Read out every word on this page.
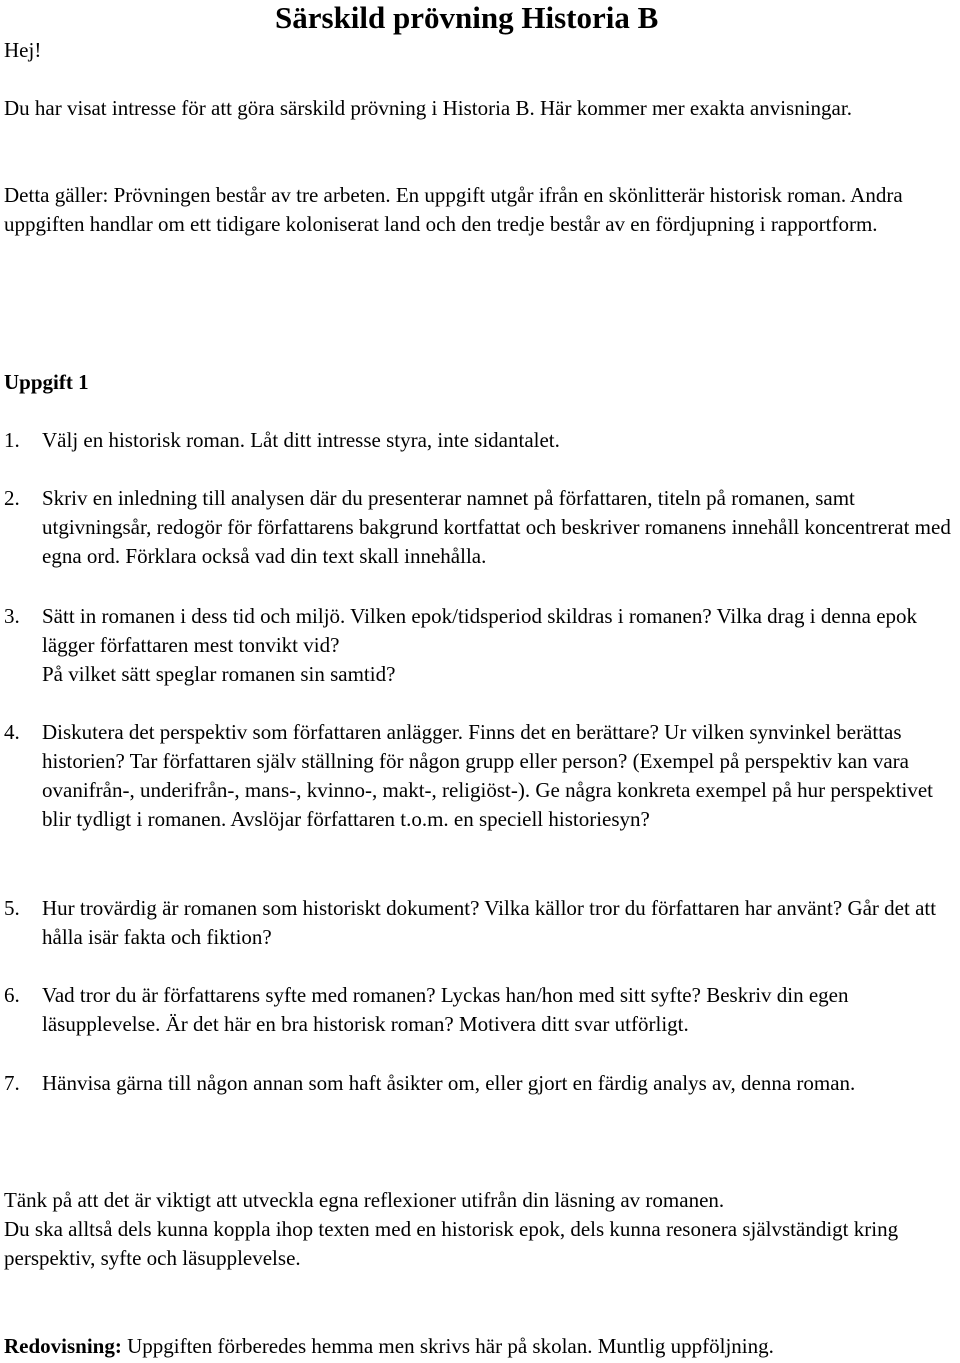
Särskild prövning Historia B
Hej!

Du har visat intresse för att göra särskild prövning i Historia B. Här kommer mer exakta anvisningar.

Detta gäller: Prövningen består av tre arbeten. En uppgift utgår ifrån en skönlitterär historisk roman. Andra uppgiften handlar om ett tidigare koloniserat land och den tredje består av en fördjupning i rapportform.

Uppgift 1
1.	Välj en historisk roman. Låt ditt intresse styra, inte sidantalet.
2.	Skriv en inledning till analysen där du presenterar namnet på författaren, titeln på romanen, samt utgivningsår, redogör för författarens bakgrund kortfattat och beskriver romanens innehåll koncentrerat med egna ord. Förklara också vad din text skall innehålla.
3.	Sätt in romanen i dess tid och miljö. Vilken epok/tidsperiod skildras i romanen? Vilka drag i denna epok lägger författaren mest tonvikt vid?
På vilket sätt speglar romanen sin samtid?
4.	Diskutera det perspektiv som författaren anlägger. Finns det en berättare? Ur vilken synvinkel berättas historien? Tar författaren själv ställning för någon grupp eller person? (Exempel på perspektiv kan vara ovanifrån-, underifrån-, mans-, kvinno-, makt-, religiöst-). Ge några konkreta exempel på hur perspektivet blir tydligt i romanen. Avslöjar författaren t.o.m. en speciell historiesyn?
5.	Hur trovärdig är romanen som historiskt dokument? Vilka källor tror du författaren har använt? Går det att hålla isär fakta och fiktion?
6.	Vad tror du är författarens syfte med romanen? Lyckas han/hon med sitt syfte? Beskriv din egen läsupplevelse. Är det här en bra historisk roman? Motivera ditt svar utförligt.
7.	Hänvisa gärna till någon annan som haft åsikter om, eller gjort en färdig analys av, denna roman.

Tänk på att det är viktigt att utveckla egna reflexioner utifrån din läsning av romanen.

Du ska alltså dels kunna koppla ihop texten med en historisk epok, dels kunna resonera självständigt kring perspektiv, syfte och läsupplevelse.

Redovisning: Uppgiften förberedes hemma men skrivs här på skolan. Muntlig uppföljning.
